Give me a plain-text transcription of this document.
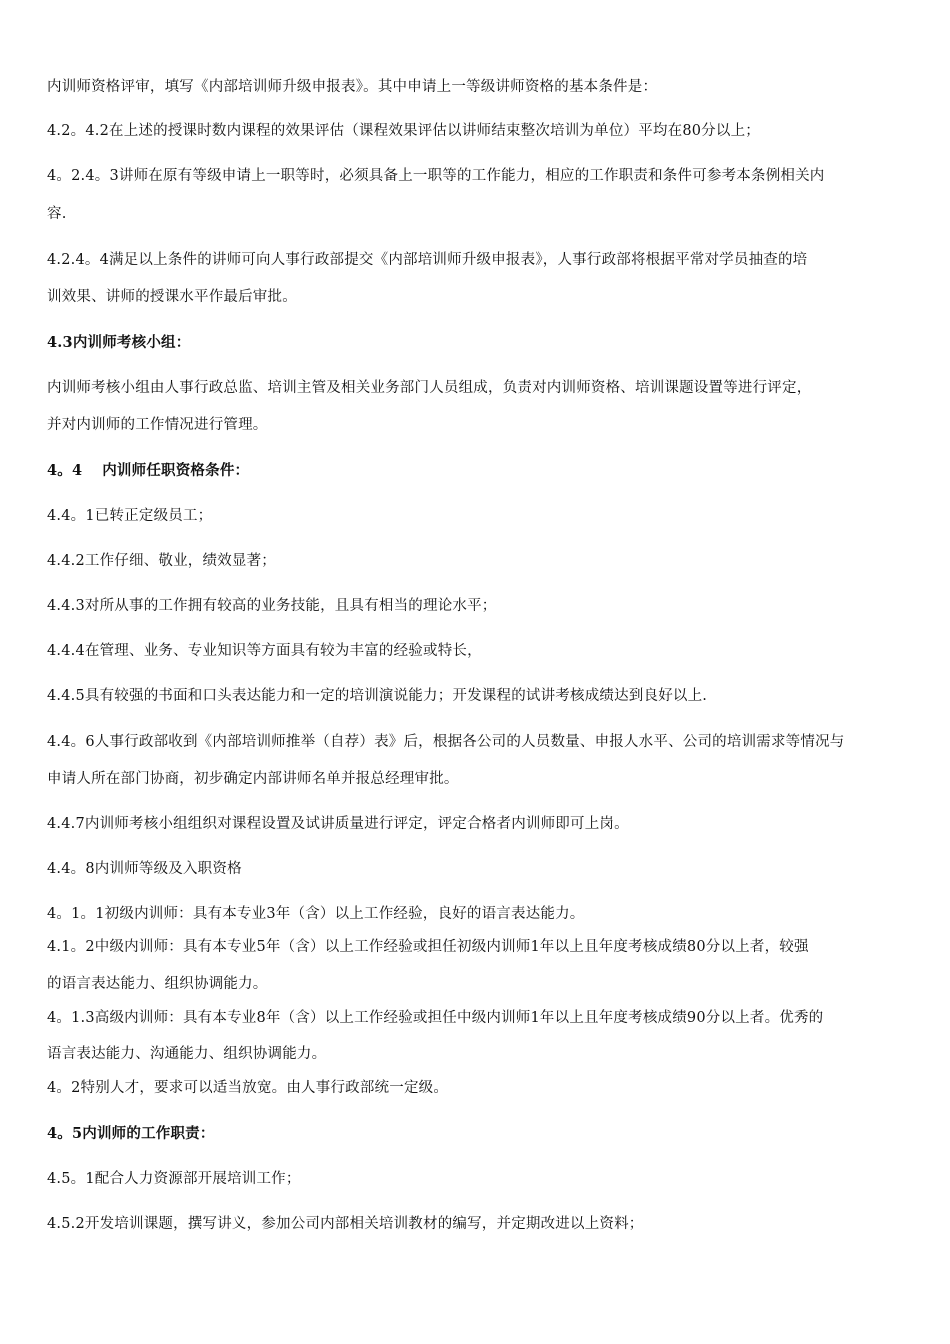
内训师资格评审，填写《内部培训师升级申报表》。其中申请上一等级讲师资格的基本条件是：
4.2。4.2在上述的授课时数内课程的效果评估（课程效果评估以讲师结束整次培训为单位）平均在80分以上；
4。2.4。3讲师在原有等级申请上一职等时，必须具备上一职等的工作能力，相应的工作职责和条件可参考本条例相关内
容.
4.2.4。4满足以上条件的讲师可向人事行政部提交《内部培训师升级申报表》，人事行政部将根据平常对学员抽查的培
训效果、讲师的授课水平作最后审批。
4.3内训师考核小组：
内训师考核小组由人事行政总监、培训主管及相关业务部门人员组成，负责对内训师资格、培训课题设置等进行评定，
并对内训师的工作情况进行管理。
4。4　 内训师任职资格条件：
4.4。1已转正定级员工；
4.4.2工作仔细、敬业，绩效显著；
4.4.3对所从事的工作拥有较高的业务技能，且具有相当的理论水平；
4.4.4在管理、业务、专业知识等方面具有较为丰富的经验或特长，
4.4.5具有较强的书面和口头表达能力和一定的培训演说能力；开发课程的试讲考核成绩达到良好以上.
4.4。6人事行政部收到《内部培训师推举（自荐）表》后，根据各公司的人员数量、申报人水平、公司的培训需求等情况与
申请人所在部门协商，初步确定内部讲师名单并报总经理审批。
4.4.7内训师考核小组组织对课程设置及试讲质量进行评定，评定合格者内训师即可上岗。
4.4。8内训师等级及入职资格
4。1。1初级内训师：具有本专业3年（含）以上工作经验，良好的语言表达能力。
4.1。2中级内训师：具有本专业5年（含）以上工作经验或担任初级内训师1年以上且年度考核成绩80分以上者，较强
的语言表达能力、组织协调能力。
4。1.3高级内训师：具有本专业8年（含）以上工作经验或担任中级内训师1年以上且年度考核成绩90分以上者。优秀的
语言表达能力、沟通能力、组织协调能力。
4。2特别人才，要求可以适当放宽。由人事行政部统一定级。
4。5内训师的工作职责：
4.5。1配合人力资源部开展培训工作；
4.5.2开发培训课题，撰写讲义，参加公司内部相关培训教材的编写，并定期改进以上资料；
